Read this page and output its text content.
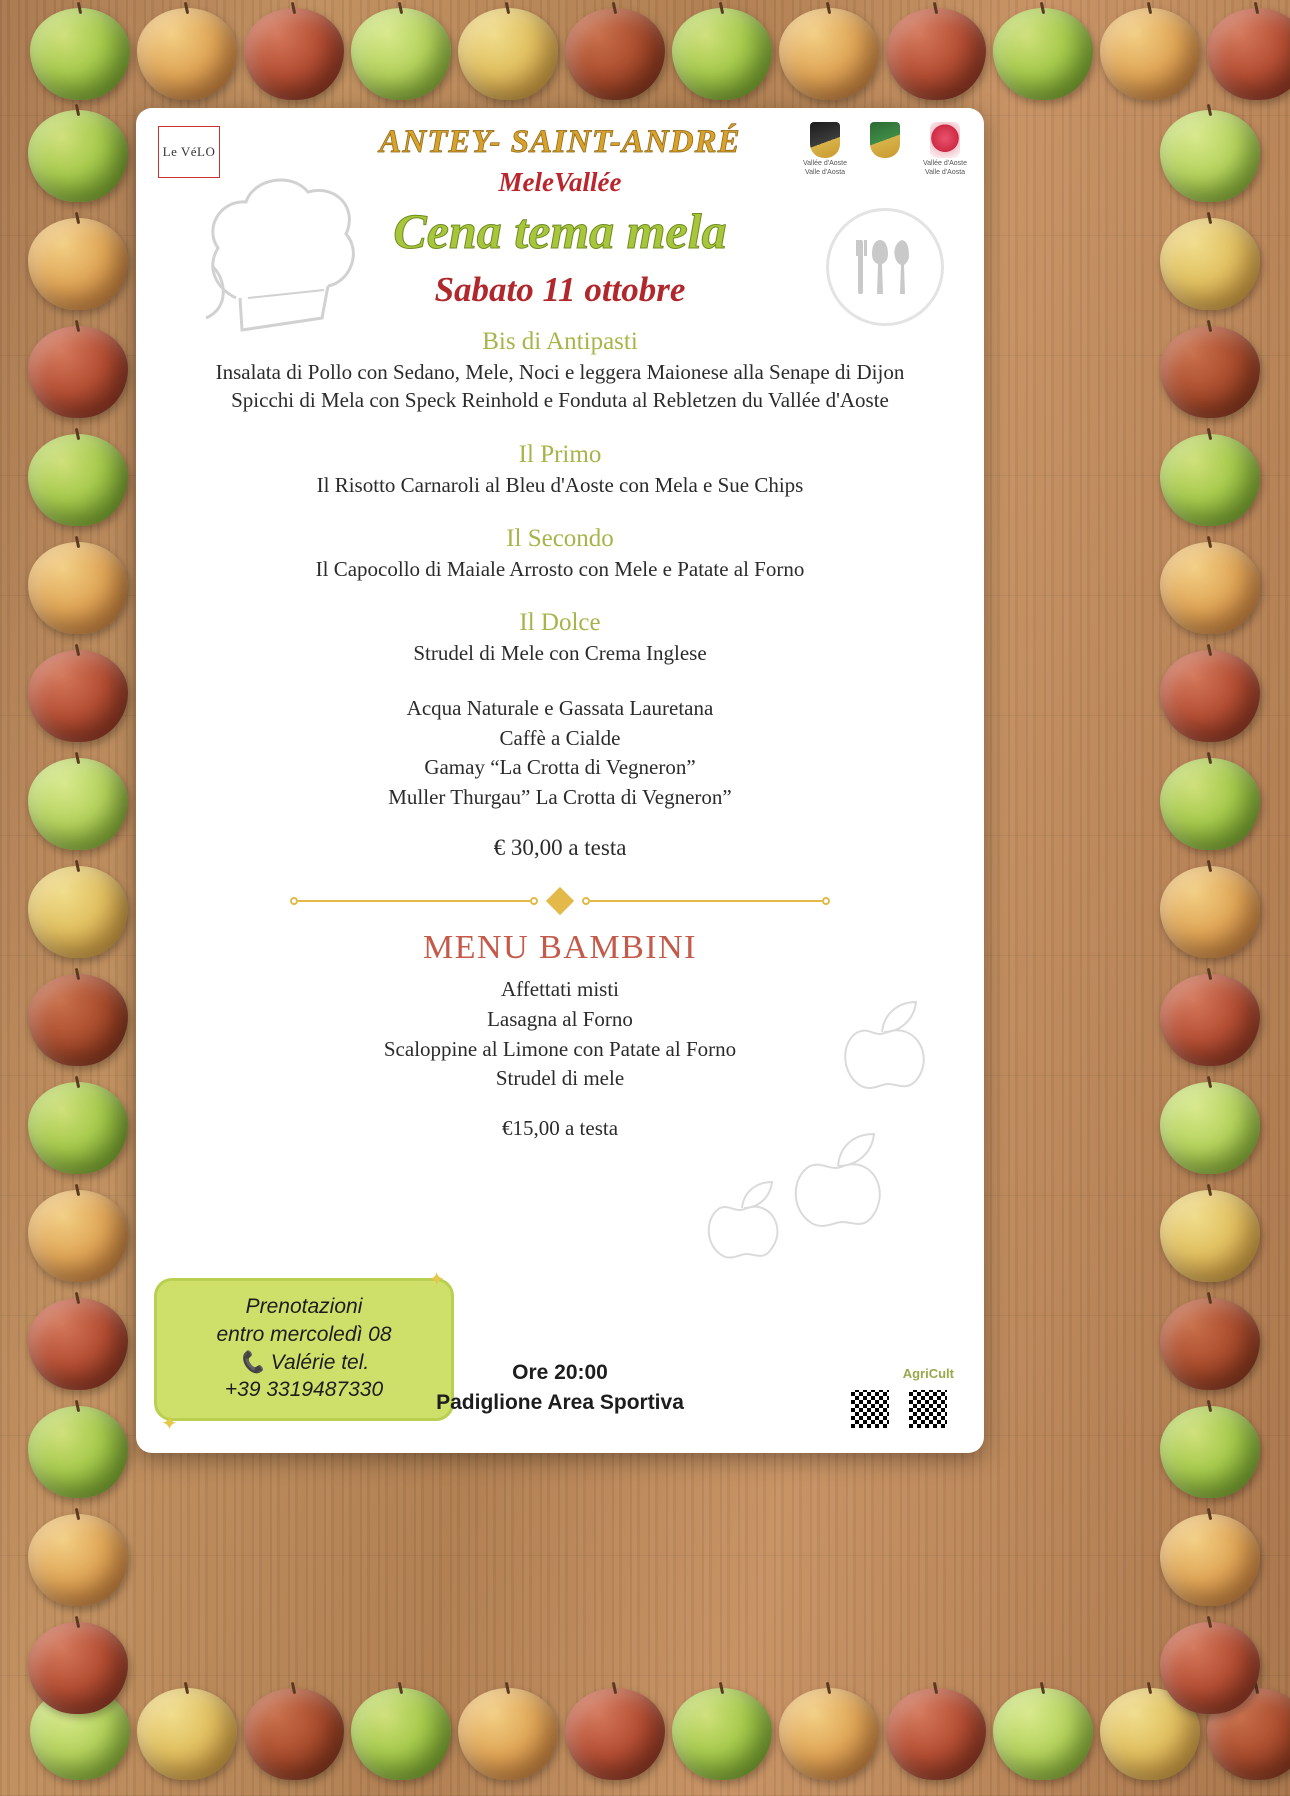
Le VéLO
Vallée d'Aoste Valle d'Aosta
Vallée d'Aoste Valle d'Aosta
ANTEY- SAINT-ANDRÉ
MeleVallée
Cena tema mela
Sabato 11 ottobre
Bis di Antipasti
Insalata di Pollo con Sedano, Mele, Noci e leggera Maionese alla Senape di Dijon
Spicchi di Mela con Speck Reinhold e Fonduta al Rebletzen du Vallée d'Aoste
Il Primo
Il Risotto Carnaroli al Bleu d'Aoste con Mela e Sue Chips
Il Secondo
Il Capocollo di Maiale Arrosto con Mele e Patate al Forno
Il Dolce
Strudel di Mele con Crema Inglese
Acqua Naturale e Gassata Lauretana
Caffè a Cialde
Gamay “La Crotta di Vegneron”
Muller Thurgau” La Crotta di Vegneron”
€ 30,00 a testa
MENU BAMBINI
Affettati misti
Lasagna al Forno
Scaloppine al Limone con Patate al Forno
Strudel di mele
€15,00 a testa
✦
✦
Prenotazioni
entro mercoledì 08
📞 Valérie tel.
+39 3319487330
Ore 20:00
Padiglione Area Sportiva
AgriCult
